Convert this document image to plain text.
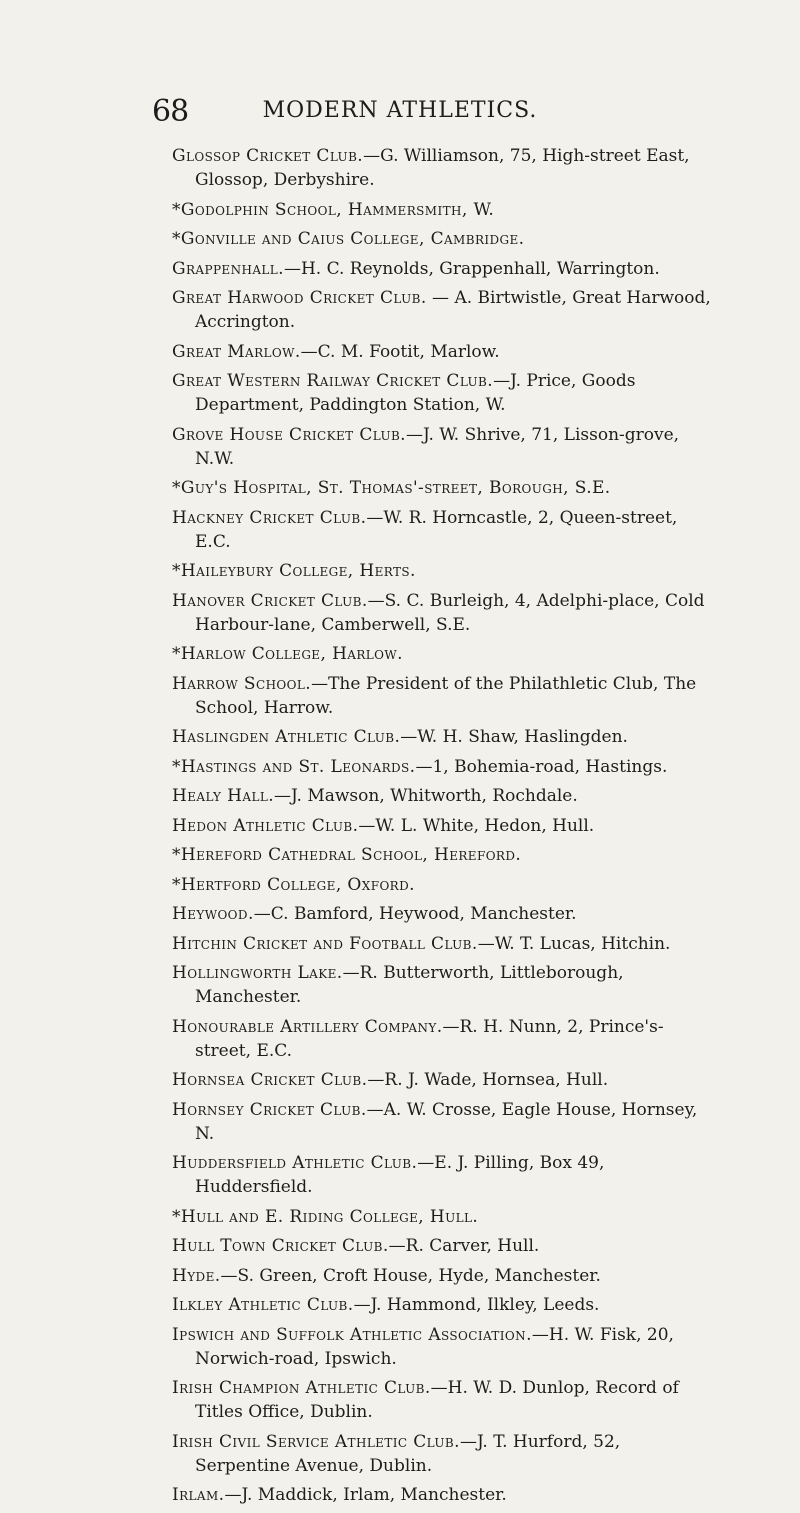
68	MODERN ATHLETICS.
Glossop Cricket Club.—G. Williamson, 75, High-street East, Glossop, Derbyshire.
*Godolphin School, Hammersmith, W.
*Gonville and Caius College, Cambridge.
Grappenhall.—H. C. Reynolds, Grappenhall, Warrington.
Great Harwood Cricket Club. — A. Birtwistle, Great Harwood, Accrington.
Great Marlow.—C. M. Footit, Marlow.
Great Western Railway Cricket Club.—J. Price, Goods Department, Paddington Station, W.
Grove House Cricket Club.—J. W. Shrive, 71, Lisson-grove, N.W.
*Guy's Hospital, St. Thomas'-street, Borough, S.E.
Hackney Cricket Club.—W. R. Horncastle, 2, Queen-street, E.C.
*Haileybury College, Herts.
Hanover Cricket Club.—S. C. Burleigh, 4, Adelphi-place, Cold Harbour-lane, Camberwell, S.E.
*Harlow College, Harlow.
Harrow School.—The President of the Philathletic Club, The School, Harrow.
Haslingden Athletic Club.—W. H. Shaw, Haslingden.
*Hastings and St. Leonards.—1, Bohemia-road, Hastings.
Healy Hall.—J. Mawson, Whitworth, Rochdale.
Hedon Athletic Club.—W. L. White, Hedon, Hull.
*Hereford Cathedral School, Hereford.
*Hertford College, Oxford.
Heywood.—C. Bamford, Heywood, Manchester.
Hitchin Cricket and Football Club.—W. T. Lucas, Hitchin.
Hollingworth Lake.—R. Butterworth, Littleborough, Manchester.
Honourable Artillery Company.—R. H. Nunn, 2, Prince's-street, E.C.
Hornsea Cricket Club.—R. J. Wade, Hornsea, Hull.
Hornsey Cricket Club.—A. W. Crosse, Eagle House, Hornsey, N.
Huddersfield Athletic Club.—E. J. Pilling, Box 49, Huddersfield.
*Hull and E. Riding College, Hull.
Hull Town Cricket Club.—R. Carver, Hull.
Hyde.—S. Green, Croft House, Hyde, Manchester.
Ilkley Athletic Club.—J. Hammond, Ilkley, Leeds.
Ipswich and Suffolk Athletic Association.—H. W. Fisk, 20, Norwich-road, Ipswich.
Irish Champion Athletic Club.—H. W. D. Dunlop, Record of Titles Office, Dublin.
Irish Civil Service Athletic Club.—J. T. Hurford, 52, Serpentine Avenue, Dublin.
Irlam.—J. Maddick, Irlam, Manchester.
